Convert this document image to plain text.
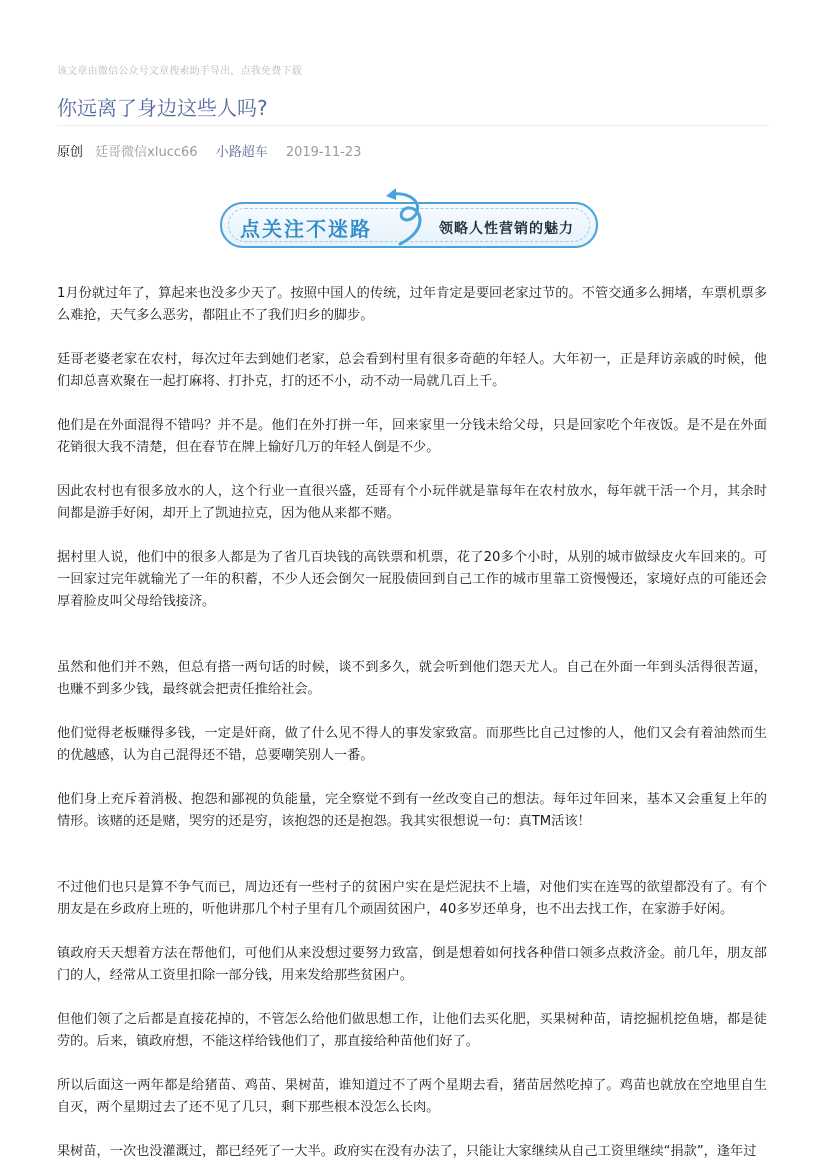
该文章由微信公众号文章搜索助手导出，点我免费下载
你远离了身边这些人吗?
原创 廷哥微信xlucc66 小路超车 2019-11-23
点关注不迷路	领略人性营销的魅力

1月份就过年了，算起来也没多少天了。按照中国人的传统，过年肯定是要回老家过节的。不管交通多么拥堵，车票机票多么难抢，天气多么恶劣，都阻止不了我们归乡的脚步。

廷哥老婆老家在农村，每次过年去到她们老家，总会看到村里有很多奇葩的年轻人。大年初一，正是拜访亲戚的时候，他们却总喜欢聚在一起打麻将、打扑克，打的还不小，动不动一局就几百上千。

他们是在外面混得不错吗？并不是。他们在外打拼一年，回来家里一分钱未给父母，只是回家吃个年夜饭。是不是在外面花销很大我不清楚，但在春节在牌上输好几万的年轻人倒是不少。

因此农村也有很多放水的人，这个行业一直很兴盛，廷哥有个小玩伴就是靠每年在农村放水，每年就干活一个月，其余时间都是游手好闲，却开上了凯迪拉克，因为他从来都不赌。

据村里人说，他们中的很多人都是为了省几百块钱的高铁票和机票，花了20多个小时，从别的城市做绿皮火车回来的。可一回家过完年就输光了一年的积蓄，不少人还会倒欠一屁股债回到自己工作的城市里靠工资慢慢还，家境好点的可能还会厚着脸皮叫父母给钱接济。

虽然和他们并不熟，但总有搭一两句话的时候，谈不到多久，就会听到他们怨天尤人。自己在外面一年到头活得很苦逼，也赚不到多少钱，最终就会把责任推给社会。

他们觉得老板赚得多钱，一定是奸商，做了什么见不得人的事发家致富。而那些比自己过惨的人，他们又会有着油然而生的优越感，认为自己混得还不错，总要嘲笑别人一番。

他们身上充斥着消极、抱怨和鄙视的负能量，完全察觉不到有一丝改变自己的想法。每年过年回来，基本又会重复上年的情形。该赌的还是赌，哭穷的还是穷，该抱怨的还是抱怨。我其实很想说一句：真TM活该！

不过他们也只是算不争气而已，周边还有一些村子的贫困户实在是烂泥扶不上墙，对他们实在连骂的欲望都没有了。有个朋友是在乡政府上班的，听他讲那几个村子里有几个顽固贫困户，40多岁还单身，也不出去找工作，在家游手好闲。

镇政府天天想着方法在帮他们，可他们从来没想过要努力致富，倒是想着如何找各种借口领多点救济金。前几年，朋友部门的人，经常从工资里扣除一部分钱，用来发给那些贫困户。

但他们领了之后都是直接花掉的，不管怎么给他们做思想工作，让他们去买化肥，买果树种苗，请挖掘机挖鱼塘，都是徒劳的。后来，镇政府想，不能这样给钱他们了，那直接给种苗他们好了。

所以后面这一两年都是给猪苗、鸡苗、果树苗，谁知道过不了两个星期去看，猪苗居然吃掉了。鸡苗也就放在空地里自生自灭，两个星期过去了还不见了几只，剩下那些根本没怎么长肉。

果树苗，一次也没灌溉过，都已经死了一大半。政府实在没有办法了，只能让大家继续从自己工资里继续“捐款”，逢年过
